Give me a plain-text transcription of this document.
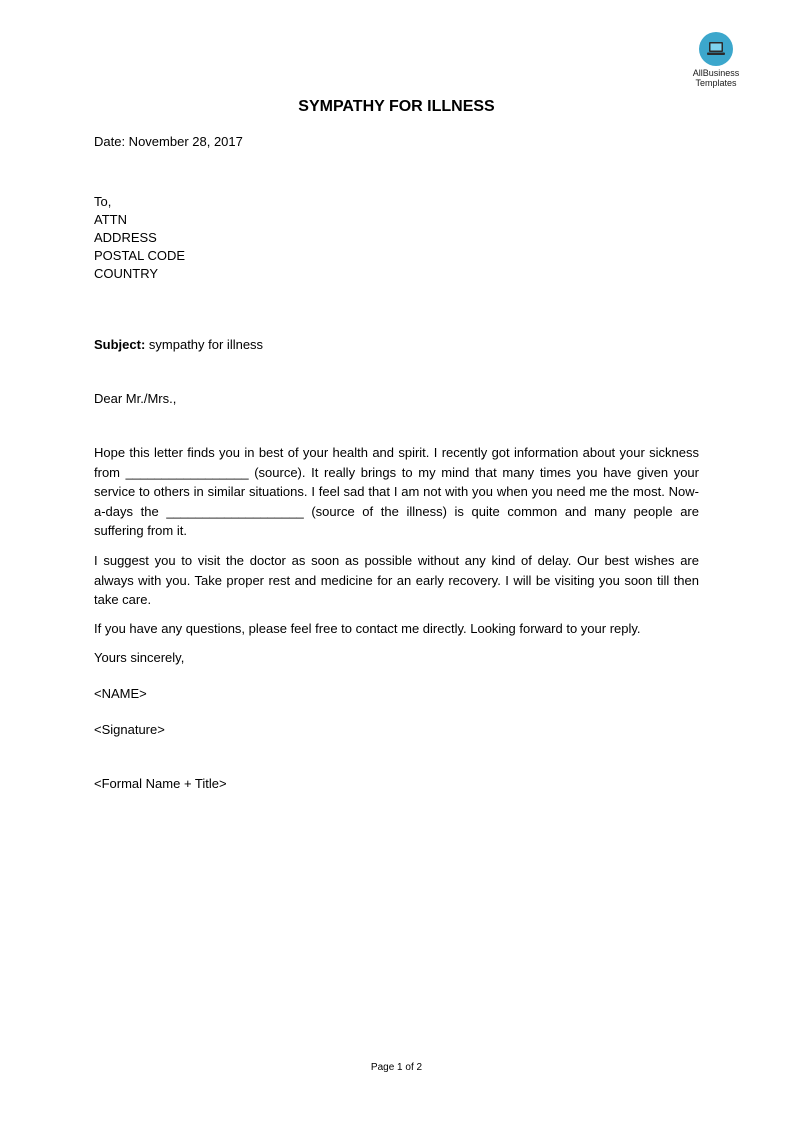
AllBusiness
Templates
SYMPATHY FOR ILLNESS
Date: November 28, 2017
To,
ATTN
ADDRESS
POSTAL CODE
COUNTRY
Subject: sympathy for illness
Dear Mr./Mrs.,

Hope this letter finds you in best of your health and spirit. I recently got information about your sickness from _________________ (source). It really brings to my mind that many times you have given your service to others in similar situations. I feel sad that I am not with you when you need me the most. Now-a-days the ___________________ (source of the illness) is quite common and many people are suffering from it.

I suggest you to visit the doctor as soon as possible without any kind of delay. Our best wishes are always with you. Take proper rest and medicine for an early recovery. I will be visiting you soon till then take care.

If you have any questions, please feel free to contact me directly. Looking forward to your reply.

Yours sincerely,
<NAME>
<Signature>
<Formal Name + Title>
Page 1 of 2
